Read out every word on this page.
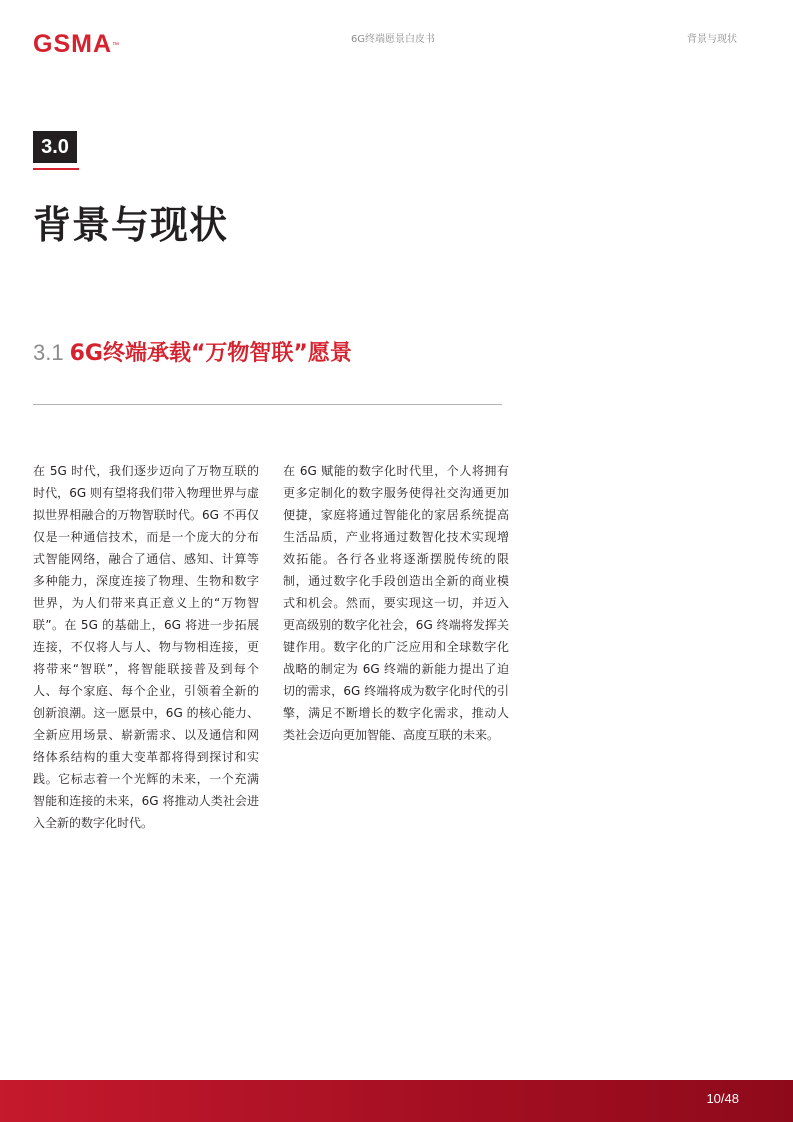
GSMA™
6G终端愿景白皮书	背景与现状
3.0
背景与现状
3.1 6G终端承载“万物智联”愿景

在 5G 时代，我们逐步迈向了万物互联的时代，6G 则有望将我们带入物理世界与虚拟世界相融合的万物智联时代。6G 不再仅仅是一种通信技术，而是一个庞大的分布式智能网络，融合了通信、感知、计算等多种能力，深度连接了物理、生物和数字世界，为人们带来真正意义上的“万物智联”。在 5G 的基础上，6G 将进一步拓展连接，不仅将人与人、物与物相连接，更将带来“智联”，将智能联接普及到每个人、每个家庭、每个企业，引领着全新的创新浪潮。这一愿景中，6G 的核心能力、全新应用场景、崭新需求、以及通信和网络体系结构的重大变革都将得到探讨和实践。它标志着一个光辉的未来，一个充满智能和连接的未来，6G 将推动人类社会进入全新的数字化时代。

在 6G 赋能的数字化时代里，个人将拥有更多定制化的数字服务使得社交沟通更加便捷，家庭将通过智能化的家居系统提高生活品质，产业将通过数智化技术实现增效拓能。各行各业将逐渐摆脱传统的限制，通过数字化手段创造出全新的商业模式和机会。然而，要实现这一切，并迈入更高级别的数字化社会，6G 终端将发挥关键作用。数字化的广泛应用和全球数字化战略的制定为 6G 终端的新能力提出了迫切的需求，6G 终端将成为数字化时代的引擎，满足不断增长的数字化需求，推动人类社会迈向更加智能、高度互联的未来。

10/48
